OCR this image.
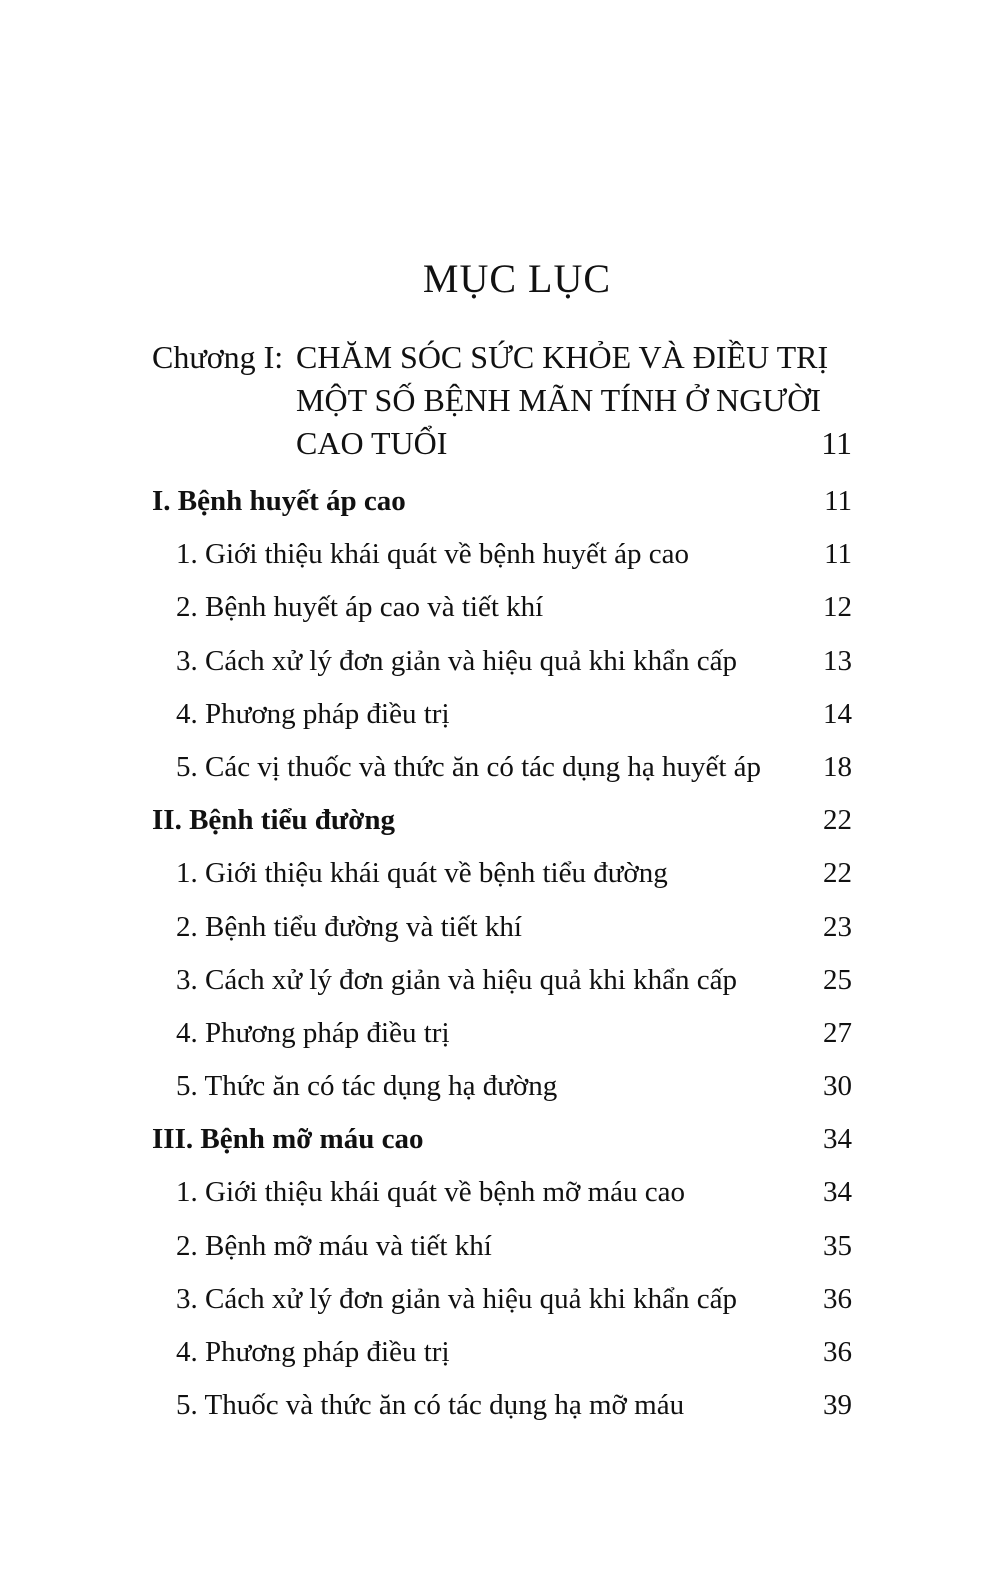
MỤC LỤC
Chương I: CHĂM SÓC SỨC KHỎE VÀ ĐIỀU TRỊ
MỘT SỐ BỆNH MÃN TÍNH Ở NGƯỜI
CAO TUỔI	11
I. Bệnh huyết áp cao	11
1. Giới thiệu khái quát về bệnh huyết áp cao	11
2. Bệnh huyết áp cao và tiết khí	12
3. Cách xử lý đơn giản và hiệu quả khi khẩn cấp	13
4. Phương pháp điều trị	14
5. Các vị thuốc và thức ăn có tác dụng hạ huyết áp 18
II. Bệnh tiểu đường	22
1. Giới thiệu khái quát về bệnh tiểu đường	22
2. Bệnh tiểu đường và tiết khí	23
3. Cách xử lý đơn giản và hiệu quả khi khẩn cấp	25
4. Phương pháp điều trị	27
5. Thức ăn có tác dụng hạ đường	30
III. Bệnh mỡ máu cao	34
1. Giới thiệu khái quát về bệnh mỡ máu cao	34
2. Bệnh mỡ máu và tiết khí	35
3. Cách xử lý đơn giản và hiệu quả khi khẩn cấp	36
4. Phương pháp điều trị	36
5. Thuốc và thức ăn có tác dụng hạ mỡ máu	39
